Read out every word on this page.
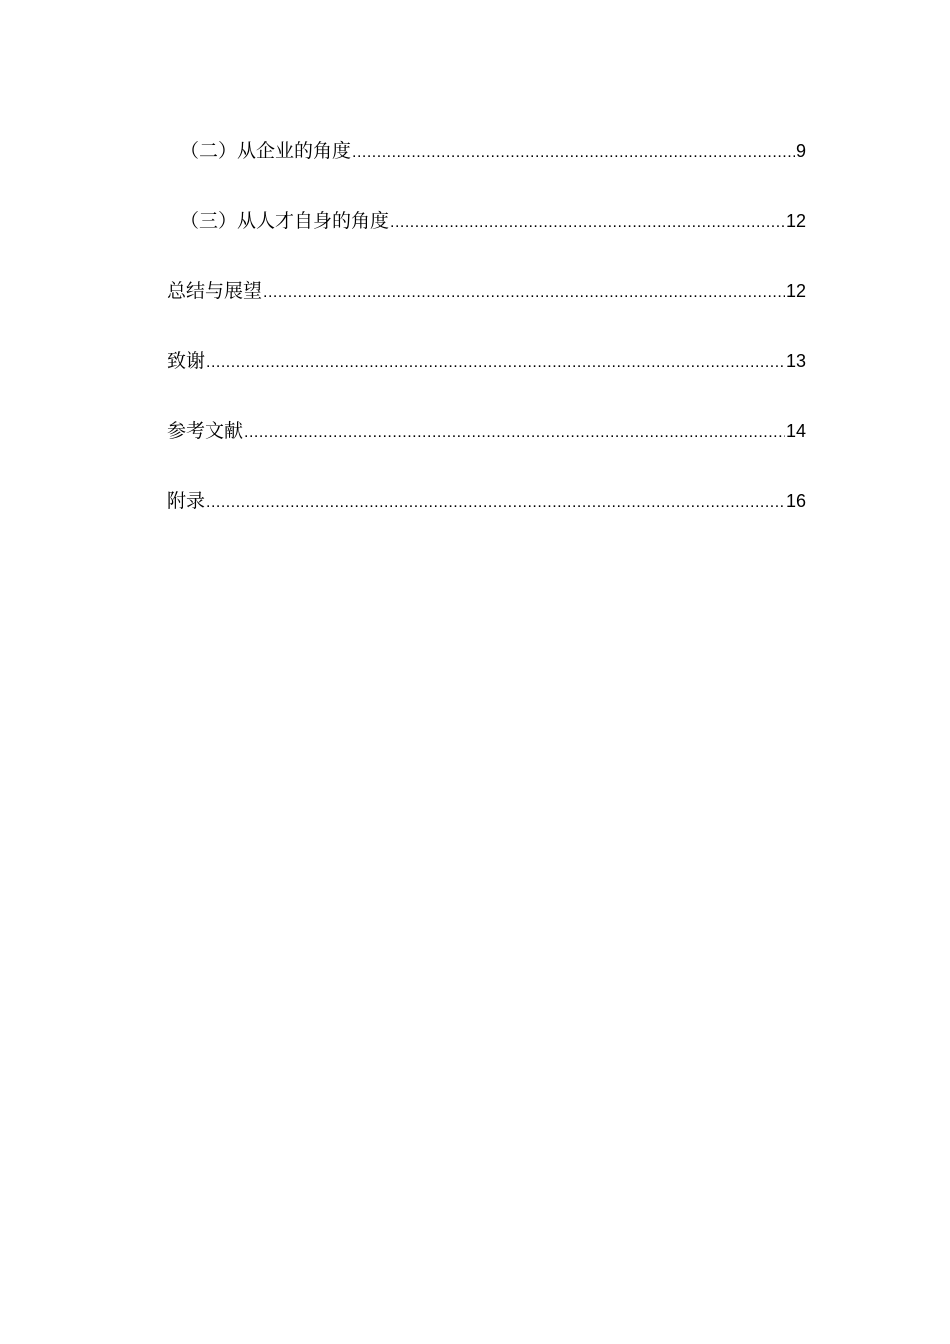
（二）从企业的角度 .....	9
（三）从人才自身的角度 .....	12
总结与展望 .....	12
致谢 .....	13
参考文献 .....	14
附录 .....	16
